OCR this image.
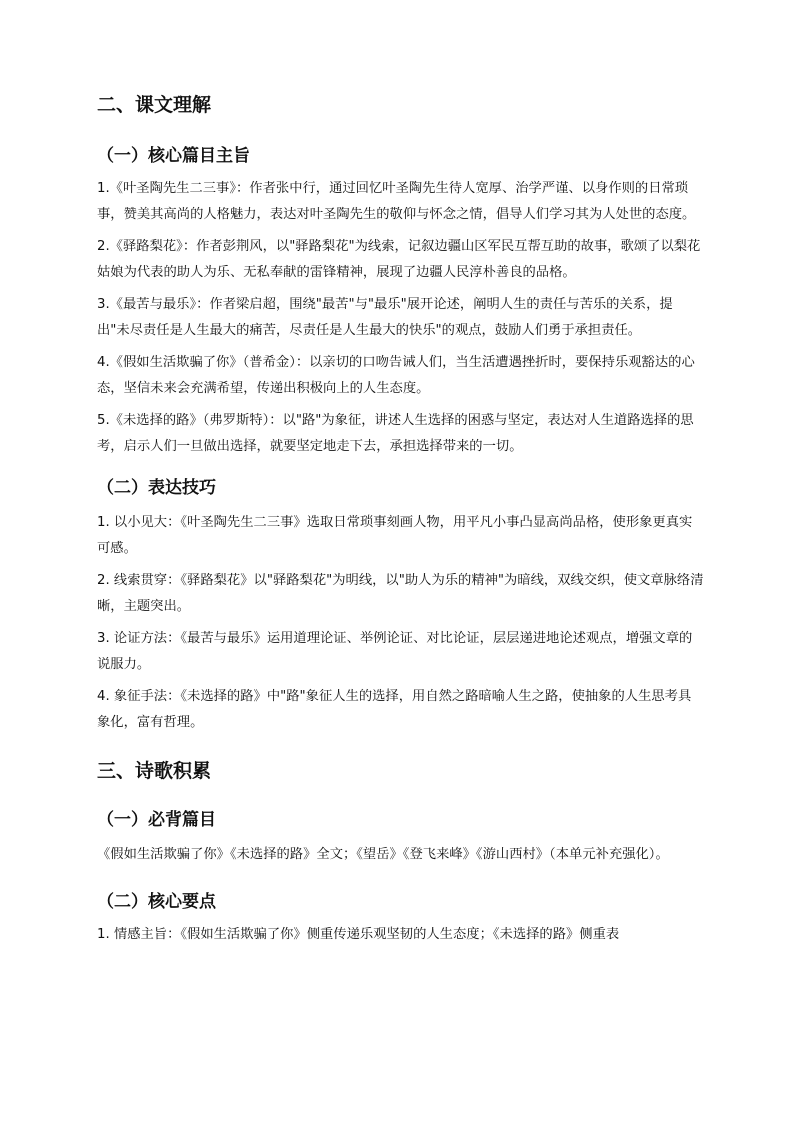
二、课文理解
（一）核心篇目主旨

1.《叶圣陶先生二三事》：作者张中行，通过回忆叶圣陶先生待人宽厚、治学严谨、以身作则的日常琐事，赞美其高尚的人格魅力，表达对叶圣陶先生的敬仰与怀念之情，倡导人们学习其为人处世的态度。

2.《驿路梨花》：作者彭荆风，以"驿路梨花"为线索，记叙边疆山区军民互帮互助的故事，歌颂了以梨花姑娘为代表的助人为乐、无私奉献的雷锋精神，展现了边疆人民淳朴善良的品格。

3.《最苦与最乐》：作者梁启超，围绕"最苦"与"最乐"展开论述，阐明人生的责任与苦乐的关系，提出"未尽责任是人生最大的痛苦，尽责任是人生最大的快乐"的观点，鼓励人们勇于承担责任。

4.《假如生活欺骗了你》（普希金）：以亲切的口吻告诫人们，当生活遭遇挫折时，要保持乐观豁达的心态，坚信未来会充满希望，传递出积极向上的人生态度。

5.《未选择的路》（弗罗斯特）：以"路"为象征，讲述人生选择的困惑与坚定，表达对人生道路选择的思考，启示人们一旦做出选择，就要坚定地走下去，承担选择带来的一切。

（二）表达技巧

1. 以小见大：《叶圣陶先生二三事》选取日常琐事刻画人物，用平凡小事凸显高尚品格，使形象更真实可感。

2. 线索贯穿：《驿路梨花》以"驿路梨花"为明线，以"助人为乐的精神"为暗线，双线交织，使文章脉络清晰，主题突出。

3. 论证方法：《最苦与最乐》运用道理论证、举例论证、对比论证，层层递进地论述观点，增强文章的说服力。

4. 象征手法：《未选择的路》中"路"象征人生的选择，用自然之路暗喻人生之路，使抽象的人生思考具象化，富有哲理。

三、诗歌积累
（一）必背篇目

《假如生活欺骗了你》《未选择的路》全文；《望岳》《登飞来峰》《游山西村》（本单元补充强化）。

（二）核心要点

1. 情感主旨：《假如生活欺骗了你》侧重传递乐观坚韧的人生态度；《未选择的路》侧重表
